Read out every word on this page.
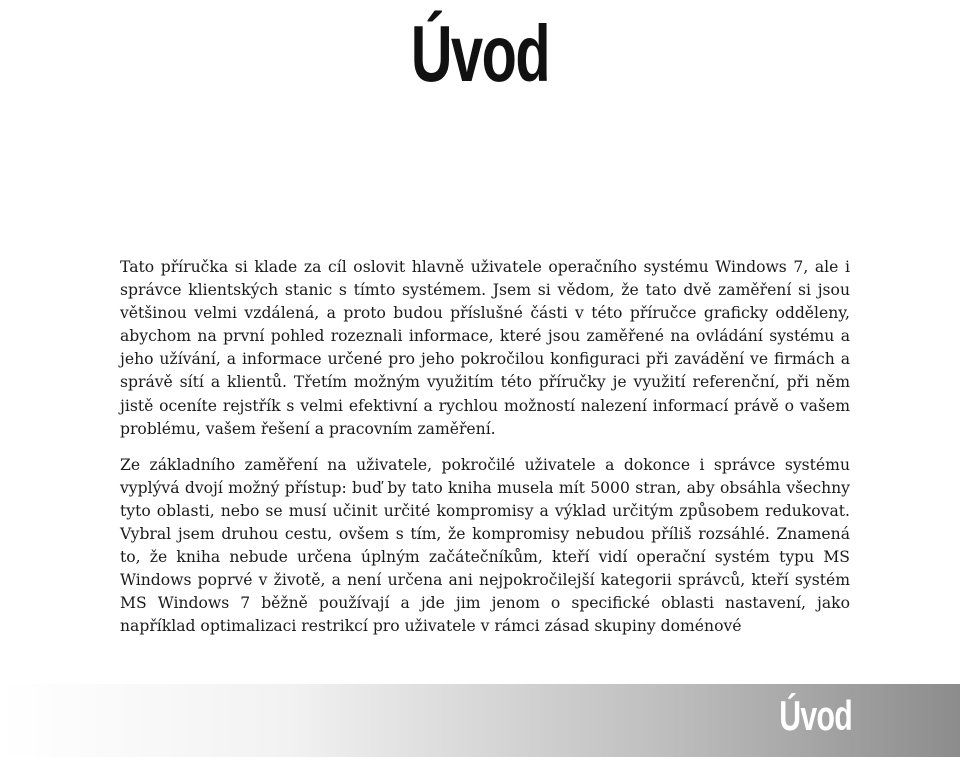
Úvod

Tato příručka si klade za cíl oslovit hlavně uživatele operačního systému Windows 7, ale i správce klientských stanic s tímto systémem. Jsem si vědom, že tato dvě zaměření si jsou většinou velmi vzdálená, a proto budou příslušné části v této příručce graficky odděleny, abychom na první pohled rozeznali informace, které jsou zaměřené na ovládání systému a jeho užívání, a informace určené pro jeho pokročilou konfiguraci při zavádění ve firmách a správě sítí a klientů. Třetím možným využitím této příručky je využití referenční, při něm jistě oceníte rejstřík s velmi efektivní a rychlou možností nalezení informací právě o vašem problému, vašem řešení a pracovním zaměření.

Ze základního zaměření na uživatele, pokročilé uživatele a dokonce i správce systému vyplývá dvojí možný přístup: buď by tato kniha musela mít 5000 stran, aby obsáhla všechny tyto oblasti, nebo se musí učinit určité kompromisy a výklad určitým způsobem redukovat. Vybral jsem druhou cestu, ovšem s tím, že kompromisy nebudou příliš rozsáhlé. Znamená to, že kniha nebude určena úplným začátečníkům, kteří vidí operační systém typu MS Windows poprvé v životě, a není určena ani nejpokročilejší kategorii správců, kteří systém MS Windows 7 běžně používají a jde jim jenom o specifické oblasti nastavení, jako například optimalizaci restrikcí pro uživatele v rámci zásad skupiny doménové

Úvod
